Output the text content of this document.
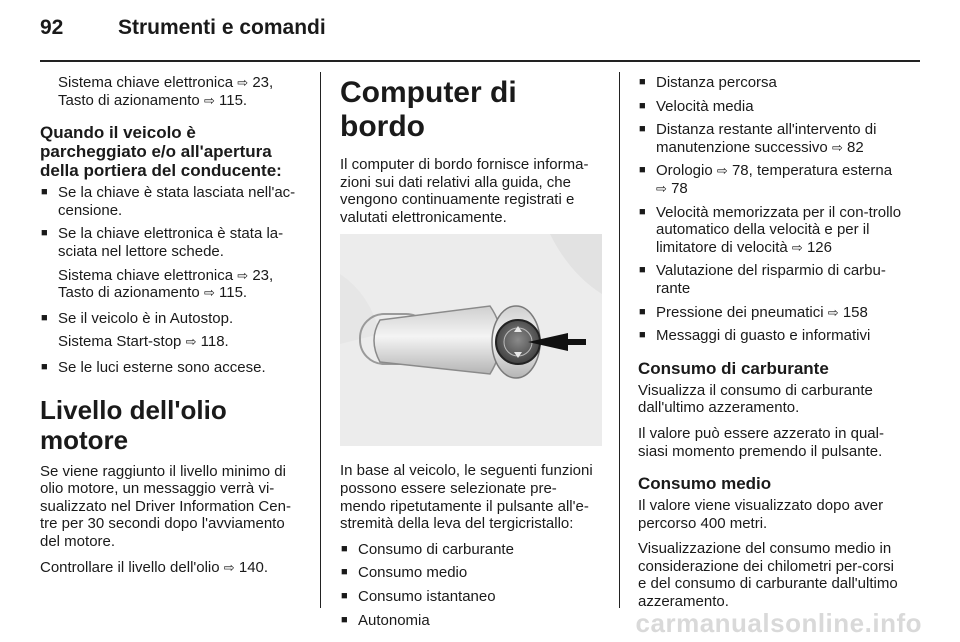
92	Strumenti e comandi
Sistema chiave elettronica ⇨ 23,
Tasto di azionamento ⇨ 115.
Quando il veicolo è parcheggiato e/o all'apertura della portiera del conducente:
■ Se la chiave è stata lasciata nell'ac-censione.
■ Se la chiave elettronica è stata la-sciata nel lettore schede.
Sistema chiave elettronica ⇨ 23,
Tasto di azionamento ⇨ 115.
■ Se il veicolo è in Autostop.
Sistema Start-stop ⇨ 118.
■ Se le luci esterne sono accese.
Livello dell'olio motore
Se viene raggiunto il livello minimo di olio motore, un messaggio verrà vi-sualizzato nel Driver Information Cen-tre per 30 secondi dopo l'avviamento del motore.
Controllare il livello dell'olio ⇨ 140.
Computer di bordo
Il computer di bordo fornisce informa-zioni sui dati relativi alla guida, che vengono continuamente registrati e valutati elettronicamente.
In base al veicolo, le seguenti funzioni possono essere selezionate pre-mendo ripetutamente il pulsante all'e-stremità della leva del tergicristallo:
■ Consumo di carburante
■ Consumo medio
■ Consumo istantaneo
■ Autonomia
■ Distanza percorsa
■ Velocità media
■ Distanza restante all'intervento di manutenzione successivo ⇨ 82
■ Orologio ⇨ 78, temperatura esterna
⇨ 78
■ Velocità memorizzata per il con-trollo automatico della velocità e per il limitatore di velocità ⇨ 126
■ Valutazione del risparmio di carbu-rante
■ Pressione dei pneumatici ⇨ 158
■ Messaggi di guasto e informativi
Consumo di carburante
Visualizza il consumo di carburante dall'ultimo azzeramento.
Il valore può essere azzerato in qual-siasi momento premendo il pulsante.
Consumo medio
Il valore viene visualizzato dopo aver percorso 400 metri.
Visualizzazione del consumo medio in considerazione dei chilometri per-corsi e del consumo di carburante dall'ultimo azzeramento.
carmanualsonline.info
